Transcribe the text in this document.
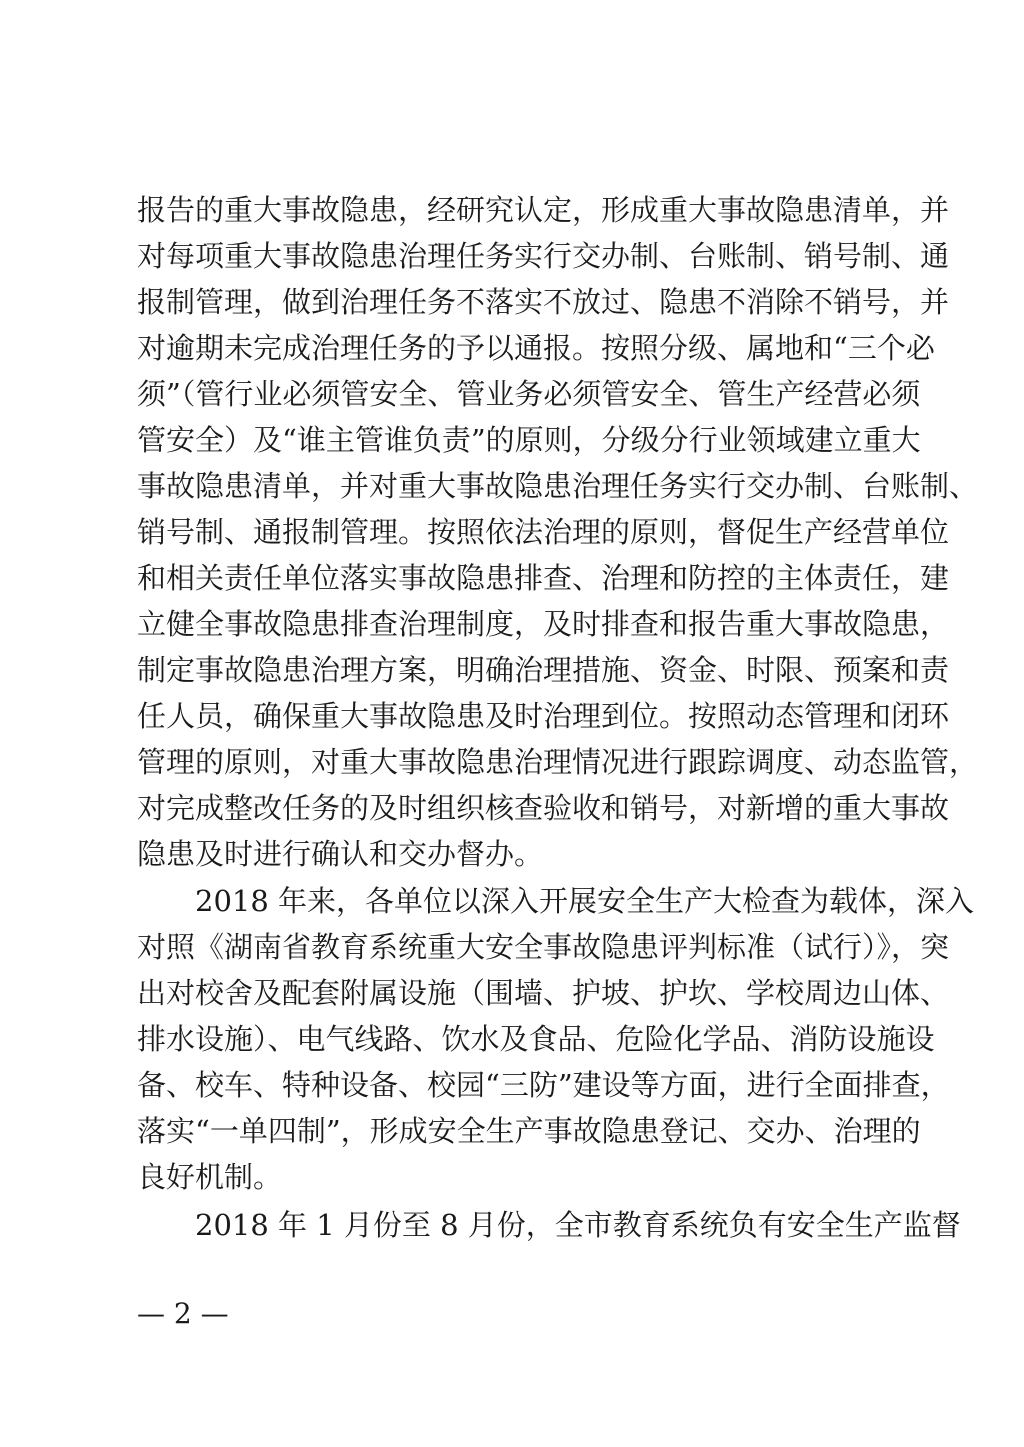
报告的重大事故隐患，经研究认定，形成重大事故隐患清单，并
对每项重大事故隐患治理任务实行交办制、台账制、销号制、通
报制管理，做到治理任务不落实不放过、隐患不消除不销号，并
对逾期未完成治理任务的予以通报。按照分级、属地和“三个必
须”（管行业必须管安全、管业务必须管安全、管生产经营必须
管安全）及“谁主管谁负责”的原则，分级分行业领域建立重大
事故隐患清单，并对重大事故隐患治理任务实行交办制、台账制、
销号制、通报制管理。按照依法治理的原则，督促生产经营单位
和相关责任单位落实事故隐患排查、治理和防控的主体责任，建
立健全事故隐患排查治理制度，及时排查和报告重大事故隐患，
制定事故隐患治理方案，明确治理措施、资金、时限、预案和责
任人员，确保重大事故隐患及时治理到位。按照动态管理和闭环
管理的原则，对重大事故隐患治理情况进行跟踪调度、动态监管，
对完成整改任务的及时组织核查验收和销号，对新增的重大事故
隐患及时进行确认和交办督办。
2018 年来，各单位以深入开展安全生产大检查为载体，深入
对照《湖南省教育系统重大安全事故隐患评判标准（试行）》，突
出对校舍及配套附属设施（围墙、护坡、护坎、学校周边山体、
排水设施）、电气线路、饮水及食品、危险化学品、消防设施设
备、校车、特种设备、校园“三防”建设等方面，进行全面排查，
落实“一单四制”，形成安全生产事故隐患登记、交办、治理的
良好机制。
2018 年 1 月份至 8 月份，全市教育系统负有安全生产监督
— 2 —
